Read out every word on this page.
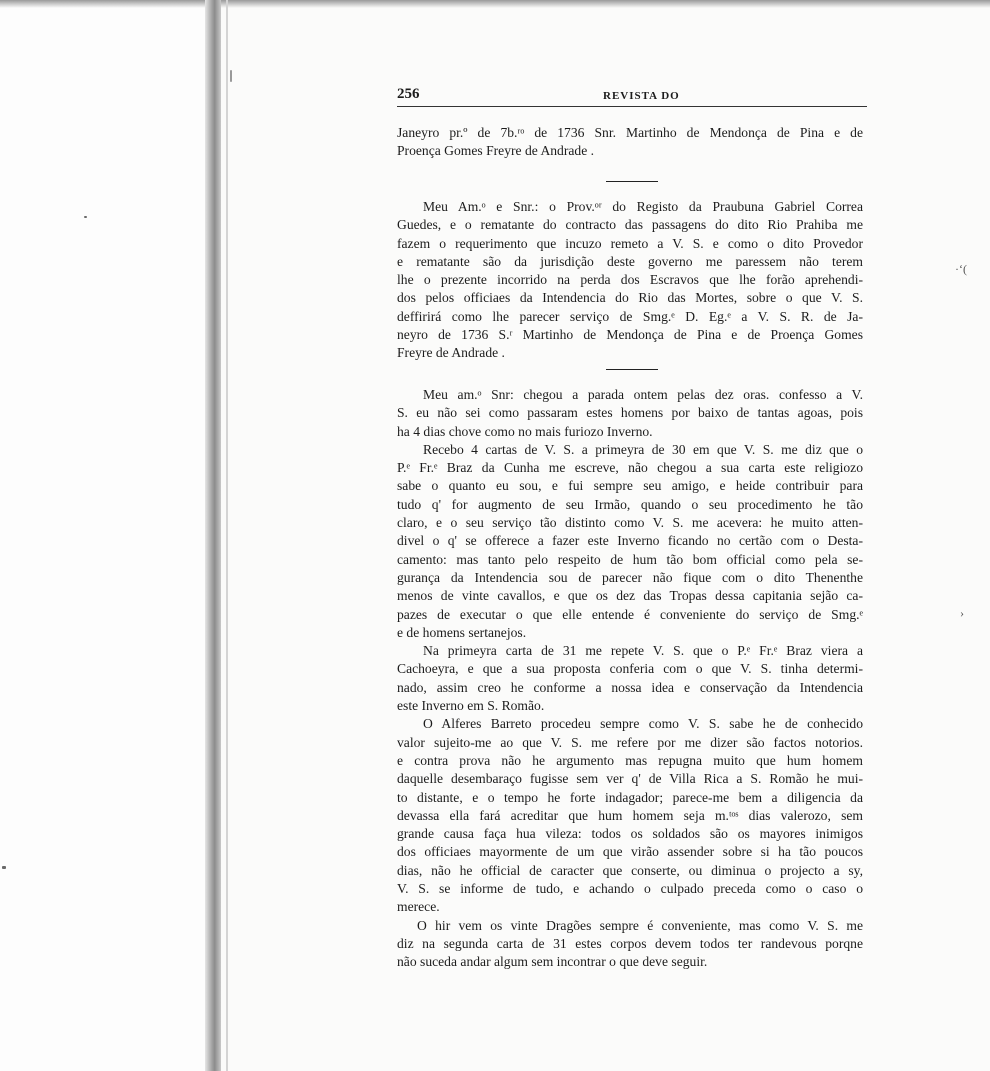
256	REVISTA DO
Janeyro pr.º de 7b.ʳᵒ de 1736 Snr. Martinho de Mendonça de Pina e de
Proença Gomes Freyre de Andrade .
Meu Am.ᵒ e Snr.: o Prov.ᵒʳ do Registo da Praubuna Gabriel Correa
Guedes, e o rematante do contracto das passagens do dito Rio Prahiba me
fazem o requerimento que incuzo remeto a V. S. e como o dito Provedor
e rematante são da jurisdição deste governo me paressem não terem
lhe o prezente incorrido na perda dos Escravos que lhe forão aprehendi-
dos pelos officiaes da Intendencia do Rio das Mortes, sobre o que V. S.
deffirirá como lhe parecer serviço de Smg.ᵉ D. Eg.ᵉ a V. S. R. de Ja-
neyro de 1736 S.ʳ Martinho de Mendonça de Pina e de Proença Gomes
Freyre de Andrade .
Meu am.ᵒ Snr: chegou a parada ontem pelas dez oras. confesso a V.
S. eu não sei como passaram estes homens por baixo de tantas agoas, pois
ha 4 dias chove como no mais furiozo Inverno.
Recebo 4 cartas de V. S. a primeyra de 30 em que V. S. me diz que o
P.ᵉ Fr.ᵉ Braz da Cunha me escreve, não chegou a sua carta este religiozo
sabe o quanto eu sou, e fui sempre seu amigo, e heide contribuir para
tudo q' for augmento de seu Irmão, quando o seu procedimento he tão
claro, e o seu serviço tão distinto como V. S. me acevera: he muito atten-
divel o q' se offerece a fazer este Inverno ficando no certão com o Desta-
camento: mas tanto pelo respeito de hum tão bom official como pela se-
gurança da Intendencia sou de parecer não fique com o dito Thenenthe
menos de vinte cavallos, e que os dez das Tropas dessa capitania sejão ca-
pazes de executar o que elle entende é conveniente do serviço de Smg.ᵉ
e de homens sertanejos.
Na primeyra carta de 31 me repete V. S. que o P.ᵉ Fr.ᵉ Braz viera a
Cachoeyra, e que a sua proposta conferia com o que V. S. tinha determi-
nado, assim creo he conforme a nossa idea e conservação da Intendencia
este Inverno em S. Romão.
O Alferes Barreto procedeu sempre como V. S. sabe he de conhecido
valor sujeito-me ao que V. S. me refere por me dizer são factos notorios.
e contra prova não he argumento mas repugna muito que hum homem
daquelle desembaraço fugisse sem ver q' de Villa Rica a S. Romão he mui-
to distante, e o tempo he forte indagador; parece-me bem a diligencia da
devassa ella fará acreditar que hum homem seja m.ᵗᵒˢ dias valerozo, sem
grande causa faça hua vileza: todos os soldados são os mayores inimigos
dos officiaes mayormente de um que virão assender sobre si ha tão poucos
dias, não he official de caracter que conserte, ou diminua o projecto a sy,
V. S. se informe de tudo, e achando o culpado preceda como o caso o
merece.
O hir vem os vinte Dragões sempre é conveniente, mas como V. S. me
diz na segunda carta de 31 estes corpos devem todos ter randevous porqne
não suceda andar algum sem incontrar o que deve seguir.
·ʻ(
›
